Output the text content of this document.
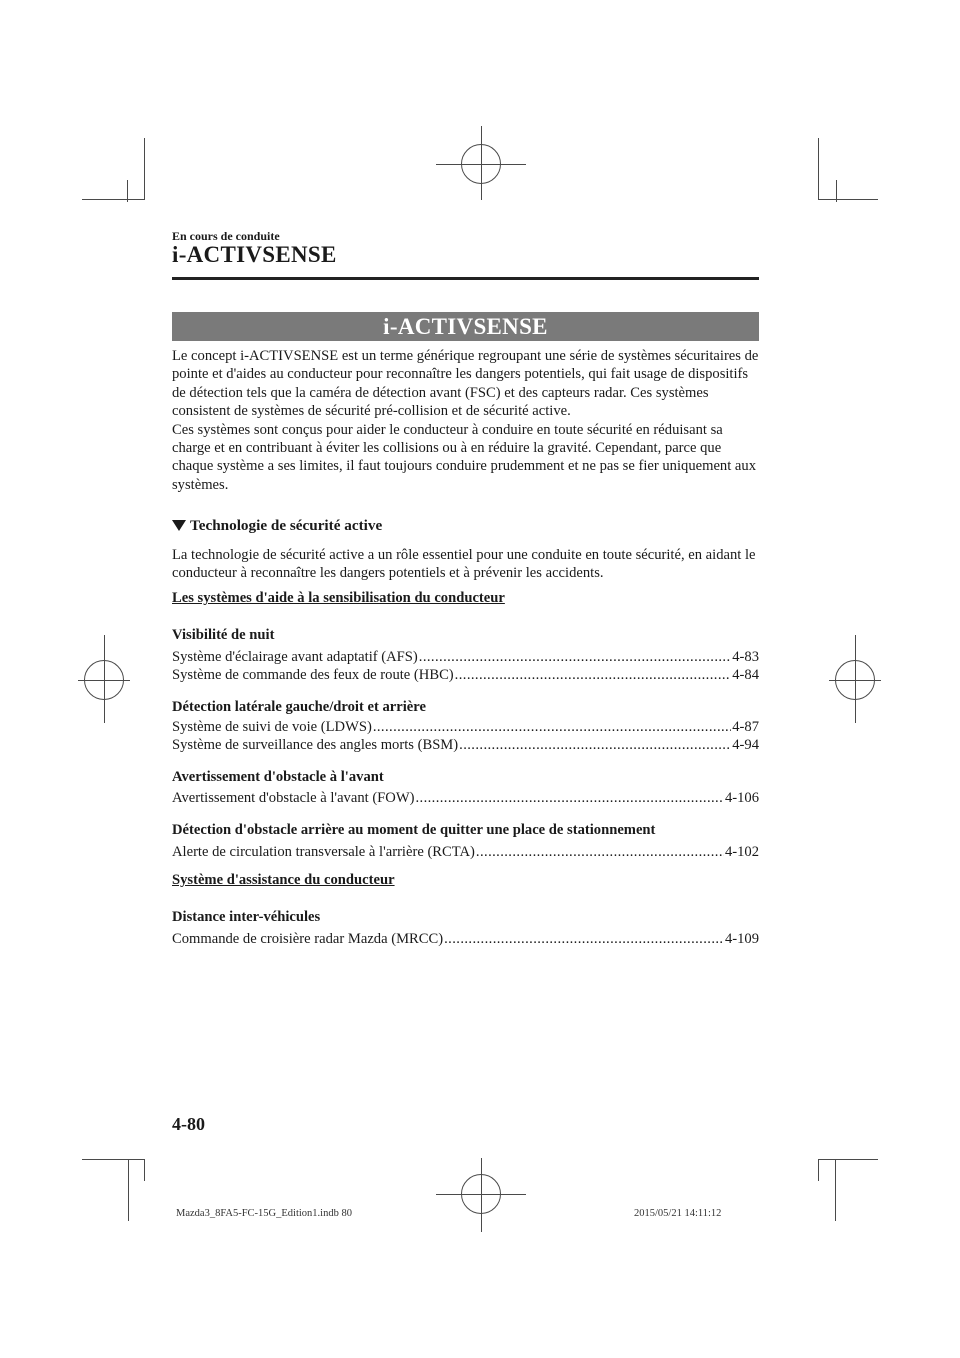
En cours de conduite
i-ACTIVSENSE
i-ACTIVSENSE
Le concept i-ACTIVSENSE est un terme générique regroupant une série de systèmes sécuritaires de pointe et d'aides au conducteur pour reconnaître les dangers potentiels, qui fait usage de dispositifs de détection tels que la caméra de détection avant (FSC) et des capteurs radar. Ces systèmes consistent de systèmes de sécurité pré-collision et de sécurité active.
Ces systèmes sont conçus pour aider le conducteur à conduire en toute sécurité en réduisant sa charge et en contribuant à éviter les collisions ou à en réduire la gravité. Cependant, parce que chaque système a ses limites, il faut toujours conduire prudemment et ne pas se fier uniquement aux systèmes.
Technologie de sécurité active
La technologie de sécurité active a un rôle essentiel pour une conduite en toute sécurité, en aidant le conducteur à reconnaître les dangers potentiels et à prévenir les accidents.
Les systèmes d'aide à la sensibilisation du conducteur
Visibilité de nuit
Système d'éclairage avant adaptatif (AFS) .....	4-83
Système de commande des feux de route (HBC) .....	4-84
Détection latérale gauche/droit et arrière
Système de suivi de voie (LDWS) .....	4-87
Système de surveillance des angles morts (BSM) .....	4-94
Avertissement d'obstacle à l'avant
Avertissement d'obstacle à l'avant (FOW) .....	4-106
Détection d'obstacle arrière au moment de quitter une place de stationnement
Alerte de circulation transversale à l'arrière (RCTA) .....	4-102
Système d'assistance du conducteur
Distance inter-véhicules
Commande de croisière radar Mazda (MRCC) .....	4-109
4-80
Mazda3_8FA5-FC-15G_Edition1.indb 80	2015/05/21 14:11:12
